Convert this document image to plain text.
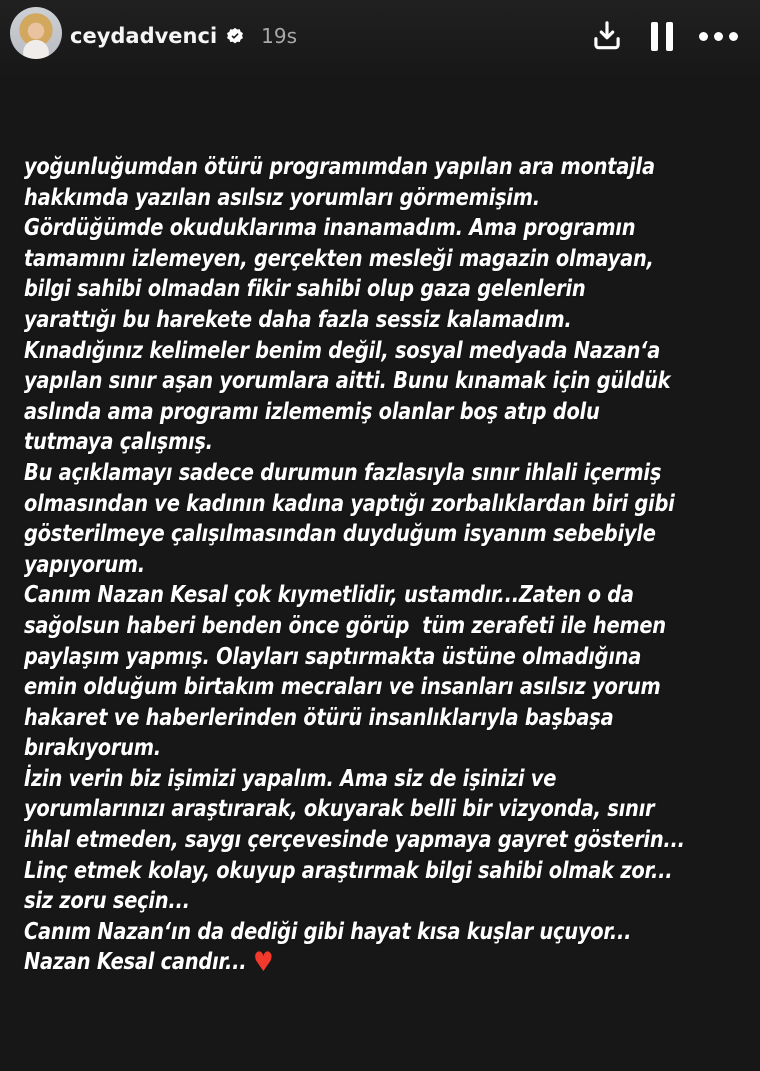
ceydadvenci 19s
yoğunluğumdan ötürü programımdan yapılan ara montajla
hakkımda yazılan asılsız yorumları görmemişim.
Gördüğümde okuduklarıma inanamadım. Ama programın
tamamını izlemeyen, gerçekten mesleği magazin olmayan,
bilgi sahibi olmadan fikir sahibi olup gaza gelenlerin
yarattığı bu harekete daha fazla sessiz kalamadım.
Kınadığınız kelimeler benim değil, sosyal medyada Nazan‘a
yapılan sınır aşan yorumlara aitti. Bunu kınamak için güldük
aslında ama programı izlememiş olanlar boş atıp dolu
tutmaya çalışmış.
Bu açıklamayı sadece durumun fazlasıyla sınır ihlali içermiş
olmasından ve kadının kadına yaptığı zorbalıklardan biri gibi
gösterilmeye çalışılmasından duyduğum isyanım sebebiyle
yapıyorum.
Canım Nazan Kesal çok kıymetlidir, ustamdır...Zaten o da
sağolsun haberi benden önce görüp  tüm zerafeti ile hemen
paylaşım yapmış. Olayları saptırmakta üstüne olmadığına
emin olduğum birtakım mecraları ve insanları asılsız yorum
hakaret ve haberlerinden ötürü insanlıklarıyla başbaşa
bırakıyorum.
İzin verin biz işimizi yapalım. Ama siz de işinizi ve
yorumlarınızı araştırarak, okuyarak belli bir vizyonda, sınır
ihlal etmeden, saygı çerçevesinde yapmaya gayret gösterin...
Linç etmek kolay, okuyup araştırmak bilgi sahibi olmak zor...
siz zoru seçin...
Canım Nazan‘ın da dediği gibi hayat kısa kuşlar uçuyor...
Nazan Kesal candır... ♥
